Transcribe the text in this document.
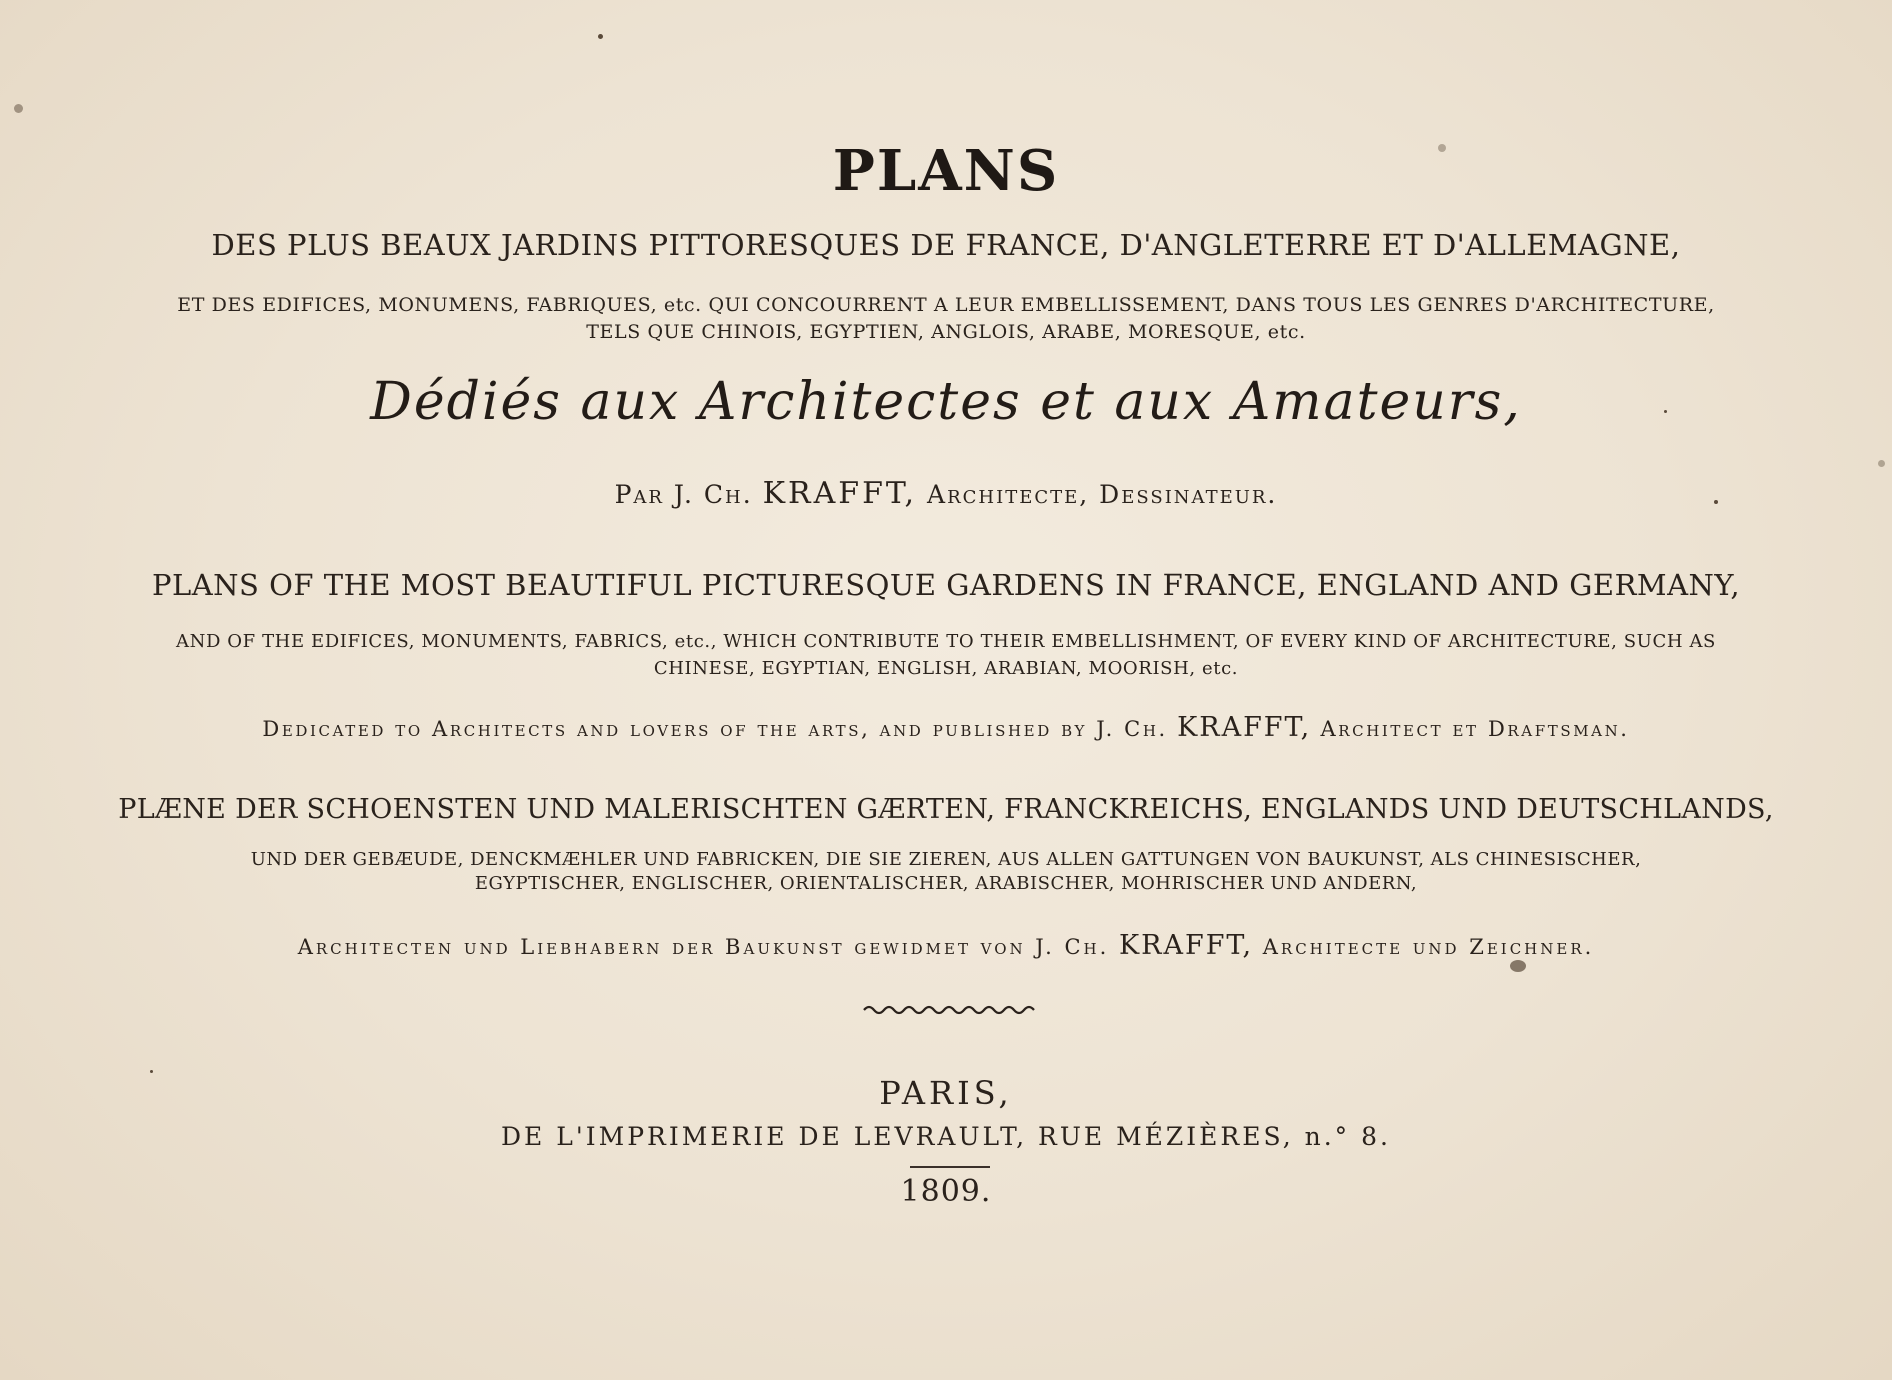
PLANS
DES PLUS BEAUX JARDINS PITTORESQUES DE FRANCE, D'ANGLETERRE ET D'ALLEMAGNE,
ET DES EDIFICES, MONUMENS, FABRIQUES, etc. QUI CONCOURRENT A LEUR EMBELLISSEMENT, DANS TOUS LES GENRES D'ARCHITECTURE,
TELS QUE CHINOIS, EGYPTIEN, ANGLOIS, ARABE, MORESQUE, etc.
Dédiés aux Architectes et aux Amateurs,
Par J. Ch. KRAFFT, Architecte, Dessinateur.
PLANS OF THE MOST BEAUTIFUL PICTURESQUE GARDENS IN FRANCE, ENGLAND AND GERMANY,
AND OF THE EDIFICES, MONUMENTS, FABRICS, etc., WHICH CONTRIBUTE TO THEIR EMBELLISHMENT, OF EVERY KIND OF ARCHITECTURE, SUCH AS
CHINESE, EGYPTIAN, ENGLISH, ARABIAN, MOORISH, etc.
Dedicated to Architects and lovers of the arts, and published by J. Ch. KRAFFT, Architect et Draftsman.
PLÆNE DER SCHOENSTEN UND MALERISCHTEN GÆRTEN, FRANCKREICHS, ENGLANDS UND DEUTSCHLANDS,
UND DER GEBÆUDE, DENCKMÆHLER UND FABRICKEN, DIE SIE ZIEREN, AUS ALLEN GATTUNGEN VON BAUKUNST, ALS CHINESISCHER,
EGYPTISCHER, ENGLISCHER, ORIENTALISCHER, ARABISCHER, MOHRISCHER UND ANDERN,
Architecten und Liebhabern der Baukunst gewidmet von J. Ch. KRAFFT, Architecte und Zeichner.
PARIS,
DE L'IMPRIMERIE DE LEVRAULT, RUE MÉZIÈRES, n.° 8.
1809.
